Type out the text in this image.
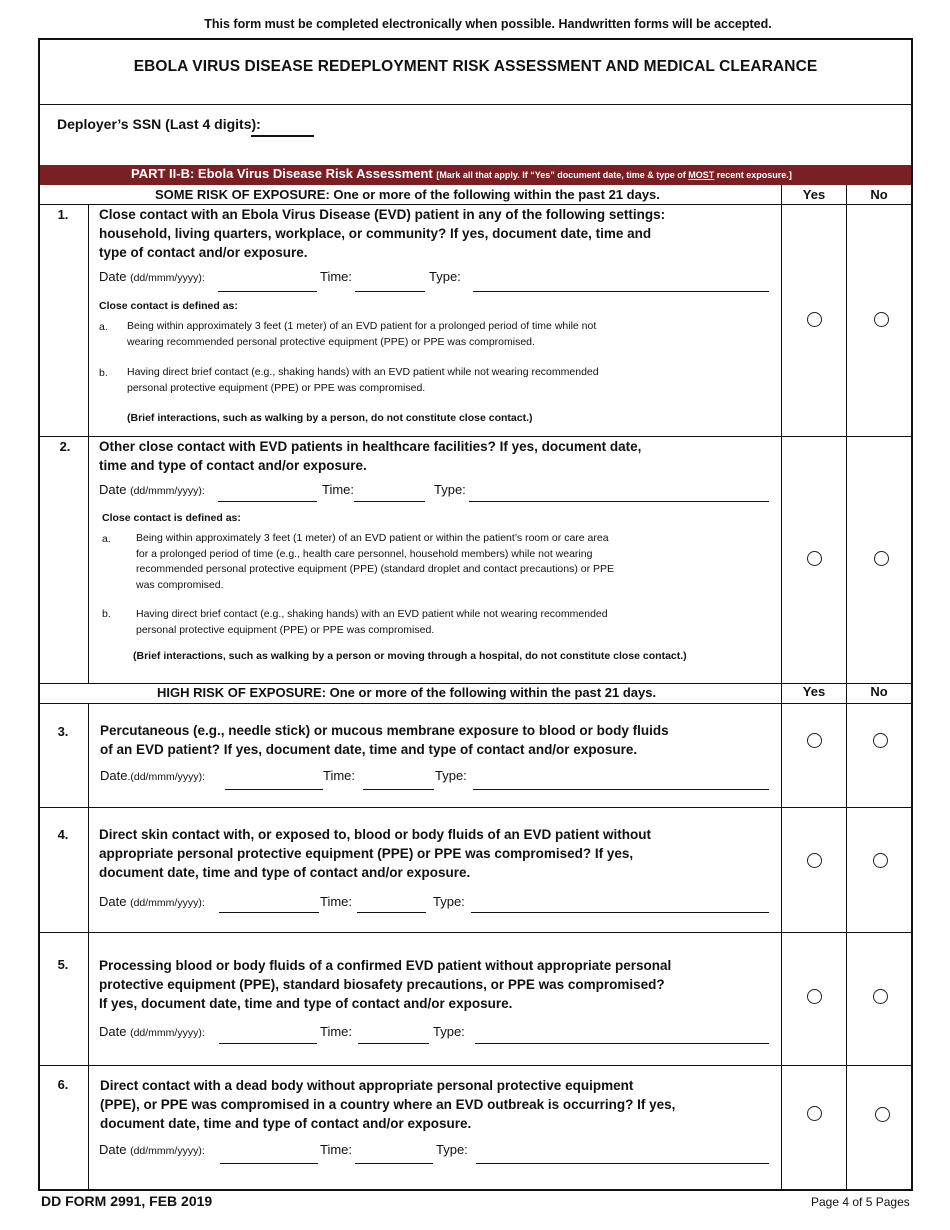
This form must be completed electronically when possible. Handwritten forms will be accepted.
EBOLA VIRUS DISEASE REDEPLOYMENT RISK ASSESSMENT AND MEDICAL CLEARANCE
Deployer’s SSN (Last 4 digits):
PART II-B: Ebola Virus Disease Risk Assessment [Mark all that apply. If “Yes” document date, time & type of MOST recent exposure.]
SOME RISK OF EXPOSURE: One or more of the following within the past 21 days.	Yes	No
1.	Close contact with an Ebola Virus Disease (EVD) patient in any of the following settings:
household, living quarters, workplace, or community? If yes, document date, time and
type of contact and/or exposure.
Date (dd/mmm/yyyy):	Time:	Type:
Close contact is defined as:
a. Being within approximately 3 feet (1 meter) of an EVD patient for a prolonged period of time while not
wearing recommended personal protective equipment (PPE) or PPE was compromised.
b. Having direct brief contact (e.g., shaking hands) with an EVD patient while not wearing recommended
personal protective equipment (PPE) or PPE was compromised.
(Brief interactions, such as walking by a person, do not constitute close contact.)
2.	Other close contact with EVD patients in healthcare facilities? If yes, document date,
time and type of contact and/or exposure.
Date (dd/mmm/yyyy):	Time:	Type:
Close contact is defined as:
a. Being within approximately 3 feet (1 meter) of an EVD patient or within the patient’s room or care area
for a prolonged period of time (e.g., health care personnel, household members) while not wearing
recommended personal protective equipment (PPE) (standard droplet and contact precautions) or PPE
was compromised.
b. Having direct brief contact (e.g., shaking hands) with an EVD patient while not wearing recommended
personal protective equipment (PPE) or PPE was compromised.
(Brief interactions, such as walking by a person or moving through a hospital, do not constitute close contact.)
HIGH RISK OF EXPOSURE: One or more of the following within the past 21 days.	Yes	No
3.	Percutaneous (e.g., needle stick) or mucous membrane exposure to blood or body fluids
of an EVD patient? If yes, document date, time and type of contact and/or exposure.
Date.(dd/mmm/yyyy):	Time:	Type:
4.	Direct skin contact with, or exposed to, blood or body fluids of an EVD patient without
appropriate personal protective equipment (PPE) or PPE was compromised? If yes,
document date, time and type of contact and/or exposure.
Date (dd/mmm/yyyy):	Time:	Type:
5.	Processing blood or body fluids of a confirmed EVD patient without appropriate personal
protective equipment (PPE), standard biosafety precautions, or PPE was compromised?
If yes, document date, time and type of contact and/or exposure.
Date (dd/mmm/yyyy):	Time:	Type:
6.	Direct contact with a dead body without appropriate personal protective equipment
(PPE), or PPE was compromised in a country where an EVD outbreak is occurring? If yes,
document date, time and type of contact and/or exposure.
Date (dd/mmm/yyyy):	Time:	Type:
DD FORM 2991, FEB 2019	Page 4 of 5 Pages
